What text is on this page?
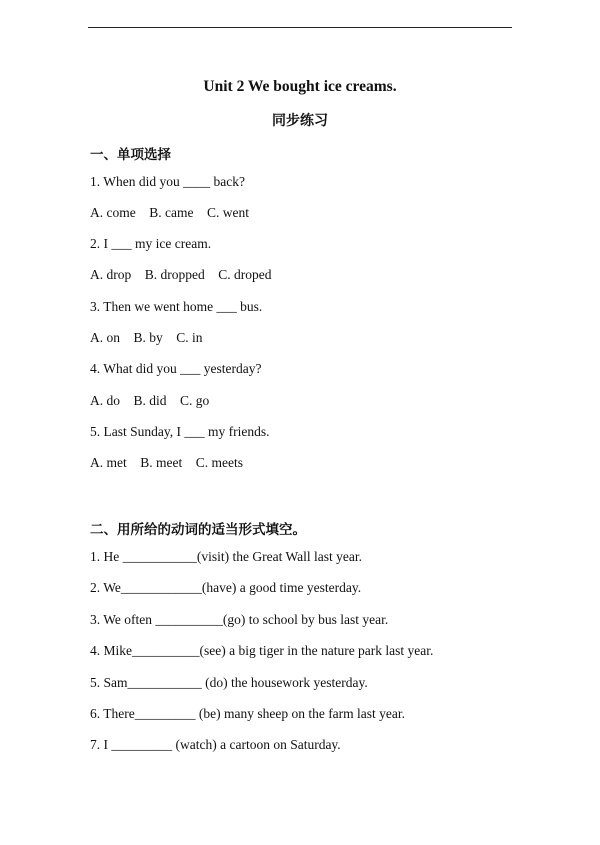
Unit 2 We bought ice creams.
同步练习
一、单项选择
1. When did you ____ back?
A. come    B. came    C. went
2. I ___ my ice cream.
A. drop    B. dropped    C. droped
3. Then we went home ___ bus.
A. on    B. by    C. in
4. What did you ___ yesterday?
A. do    B. did    C. go
5. Last Sunday, I ___ my friends.
A. met    B. meet    C. meets
二、用所给的动词的适当形式填空。
1. He ___________(visit) the Great Wall last year.
2. We____________(have) a good time yesterday.
3. We often __________(go) to school by bus last year.
4. Mike__________(see) a big tiger in the nature park last year.
5. Sam___________ (do) the housework yesterday.
6. There_________ (be) many sheep on the farm last year.
7. I _________ (watch) a cartoon on Saturday.
